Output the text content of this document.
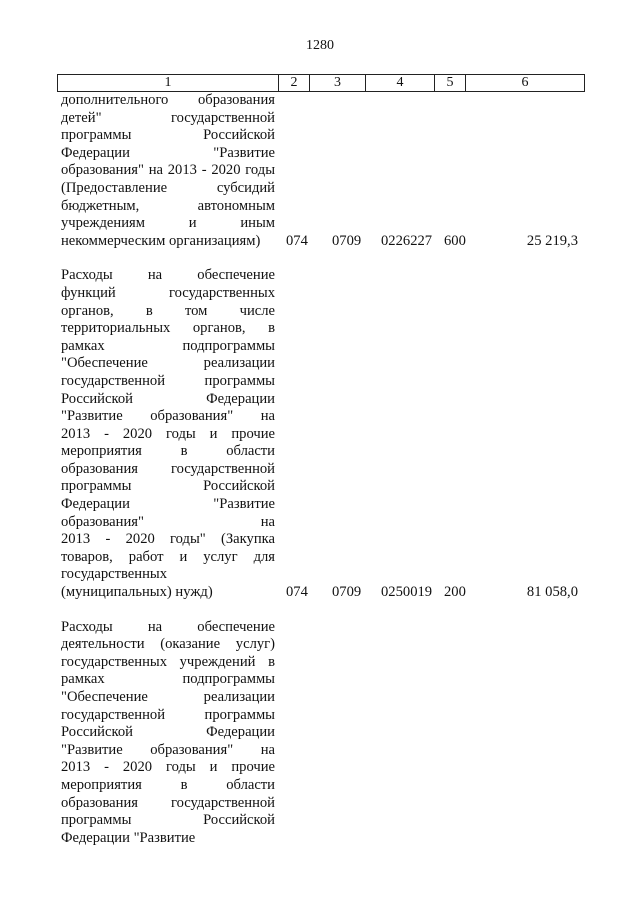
1280
1	2	3	4	5	6
дополнительного образования
детей" государственной
программы Российской
Федерации "Развитие
образования" на 2013 - 2020 годы
(Предоставление субсидий
бюджетным, автономным
учреждениям и иным
некоммерческим организациям)	074 0709 0226227 600	25 219,3
Расходы на обеспечение
функций государственных
органов, в том числе
территориальных органов, в
рамках подпрограммы
"Обеспечение реализации
государственной программы
Российской Федерации
"Развитие образования" на
2013 - 2020 годы и прочие
мероприятия в области
образования государственной
программы Российской
Федерации "Развитие
образования" на
2013 - 2020 годы" (Закупка
товаров, работ и услуг для
государственных
(муниципальных) нужд)	074 0709 0250019 200	81 058,0
Расходы на обеспечение
деятельности (оказание услуг)
государственных учреждений в
рамках подпрограммы
"Обеспечение реализации
государственной программы
Российской Федерации
"Развитие образования" на
2013 - 2020 годы и прочие
мероприятия в области
образования государственной
программы Российской
Федерации "Развитие
